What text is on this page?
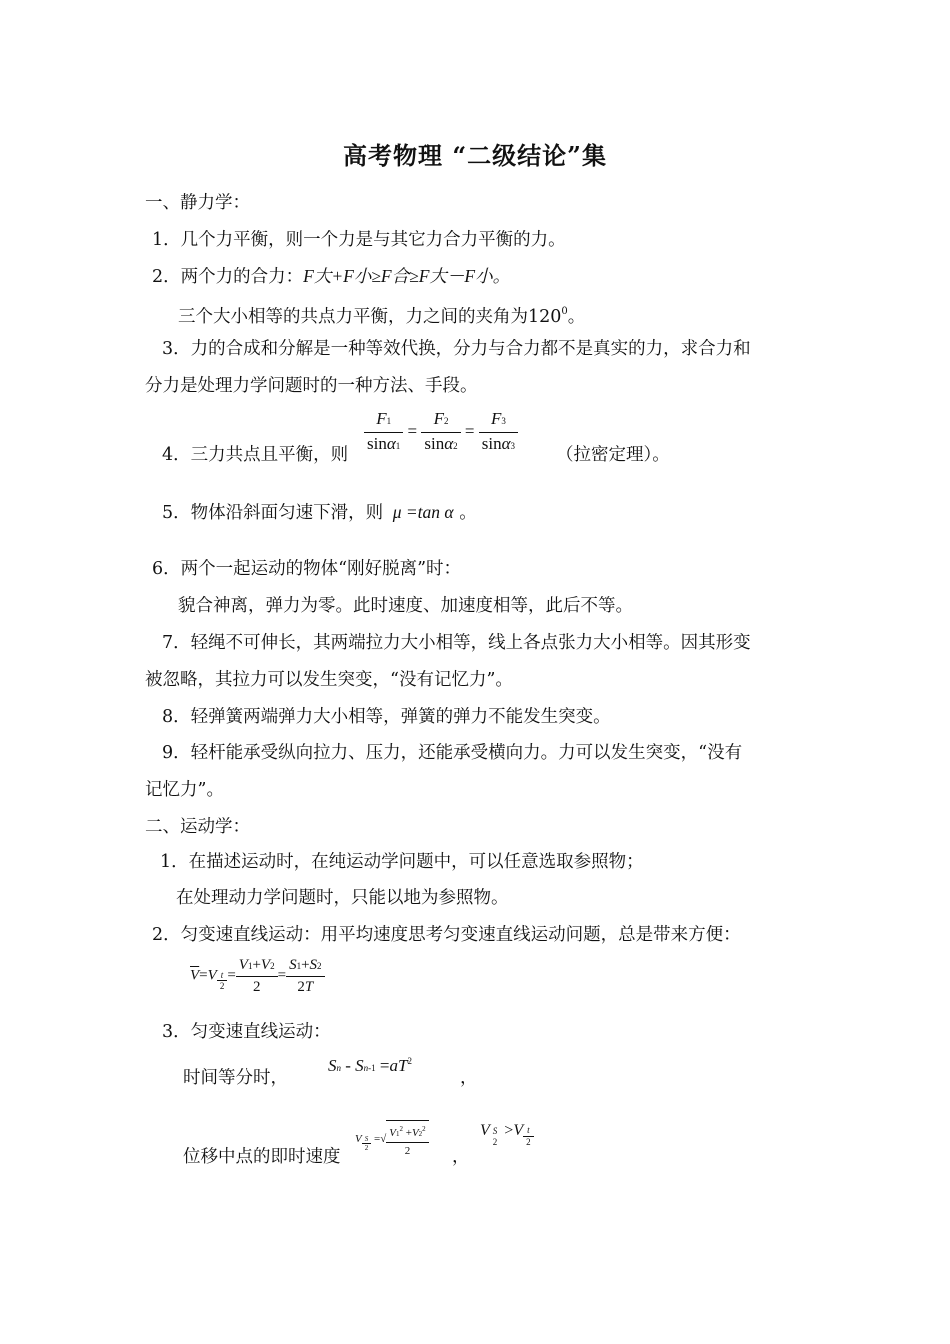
高考物理 “二级结论”集
一、静力学：
1．几个力平衡，则一个力是与其它力合力平衡的力。
2．两个力的合力：F大+F小≥F合≥F大－F小。
三个大小相等的共点力平衡，力之间的夹角为$120^0$。
3．力的合成和分解是一种等效代换，分力与合力都不是真实的力，求合力和
分力是处理力学问题时的一种方法、手段。
4．三力共点且平衡，则 $\frac{F1}{\sin\alpha 1} = \frac{F2}{\sin\alpha 2} = \frac{F3}{\sin\alpha 3}$ （拉密定理）。
5．物体沿斜面匀速下滑，则 μ =tan α 。
6．两个一起运动的物体“刚好脱离”时：
貌合神离，弹力为零。此时速度、加速度相等，此后不等。
7．轻绳不可伸长，其两端拉力大小相等，线上各点张力大小相等。因其形变
被忽略，其拉力可以发生突变，“没有记忆力”。
8．轻弹簧两端弹力大小相等，弹簧的弹力不能发生突变。
9．轻杆能承受纵向拉力、压力，还能承受横向力。力可以发生突变，“没有
记忆力”。
二、运动学：
1．在描述运动时，在纯运动学问题中，可以任意选取参照物；
在处理动力学问题时，只能以地为参照物。
2．匀变速直线运动：用平均速度思考匀变速直线运动问题，总是带来方便：
$\overline{V}=V \frac{t}{2} = \frac{V1+V2}{2} = \frac{S1+S2}{2T}$
3．匀变速直线运动：
时间等分时，
$Sn - Sn-1 =aT^2$
，
位移中点的即时速度
V $\frac{S}{2}$ =√ $\frac{V1^2 +V2^2}{2}$ ，
V S
2
$>V \frac{t}{2}$
